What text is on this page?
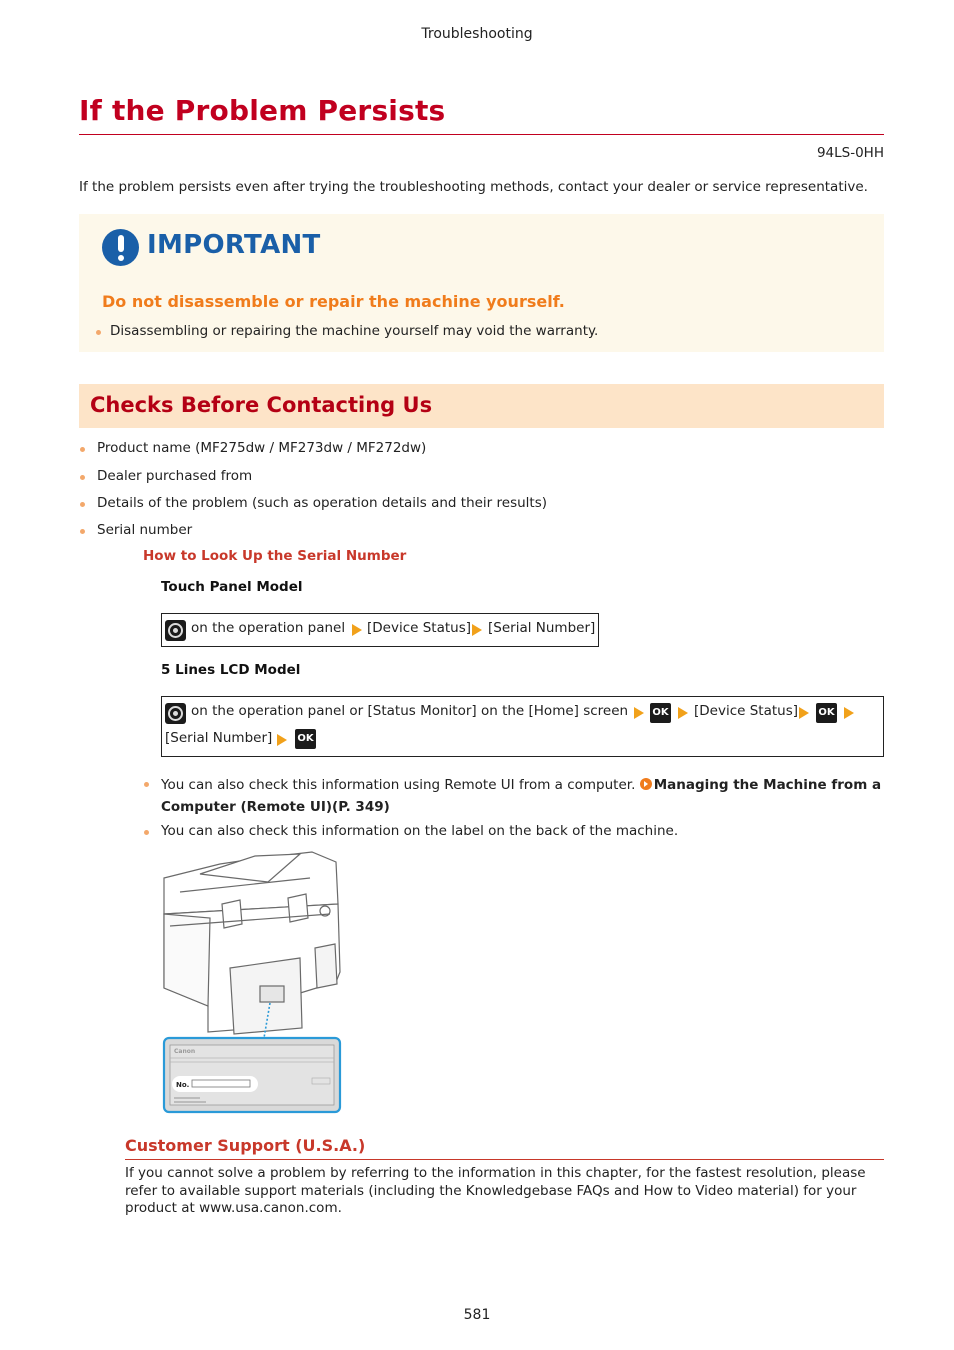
Troubleshooting
If the Problem Persists
94LS-0HH

If the problem persists even after trying the troubleshooting methods, contact your dealer or service representative.

IMPORTANT
Do not disassemble or repair the machine yourself.
Disassembling or repairing the machine yourself may void the warranty.
Checks Before Contacting Us
Product name (MF275dw / MF273dw / MF272dw)
Dealer purchased from
Details of the problem (such as operation details and their results)
Serial number
How to Look Up the Serial Number
Touch Panel Model
on the operation panel [Device Status] [Serial Number]
5 Lines LCD Model
on the operation panel or [Status Monitor] on the [Home] screen OK [Device Status] OK
[Serial Number]	OK
You can also check this information using Remote UI from a computer. Managing the Machine from a Computer (Remote UI)(P. 349)
You can also check this information on the label on the back of the machine.
Canon
No.
Customer Support (U.S.A.)

If you cannot solve a problem by referring to the information in this chapter, for the fastest resolution, please refer to available support materials (including the Knowledgebase FAQs and How to Video material) for your product at www.usa.canon.com.

581
